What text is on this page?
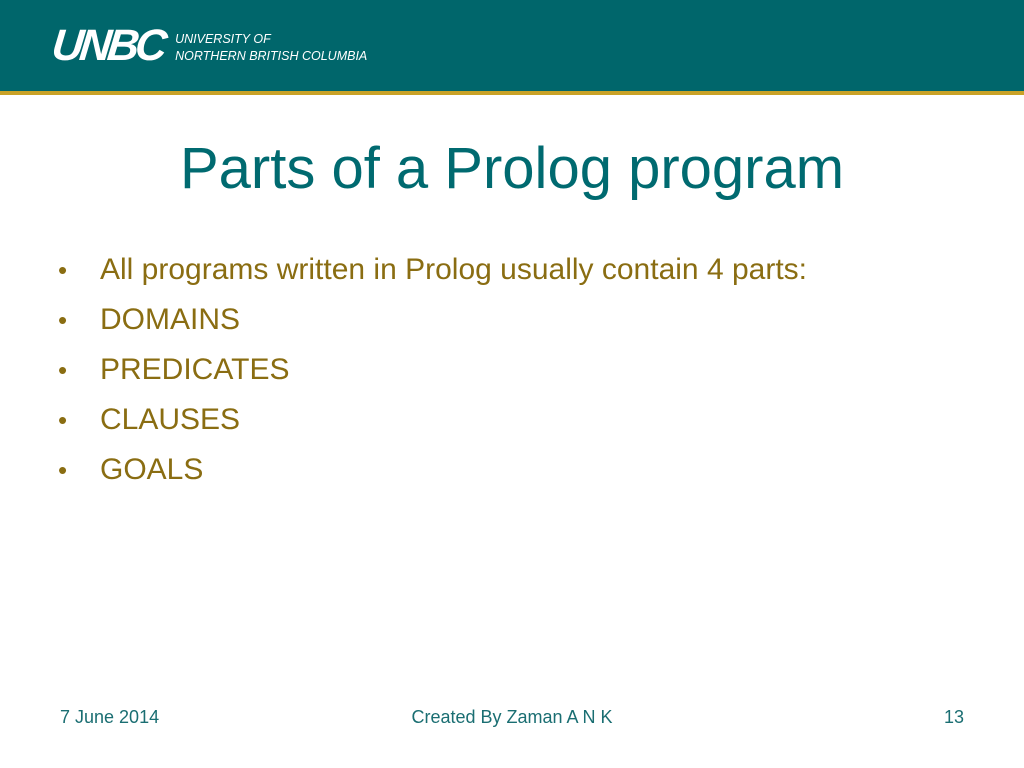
UNBC UNIVERSITY OF
NORTHERN BRITISH COLUMBIA
Parts of a Prolog program
•	All programs written in Prolog usually contain 4 parts:
•	DOMAINS
•	PREDICATES
•	CLAUSES
•	GOALS
7 June 2014	Created By Zaman A N K	13
